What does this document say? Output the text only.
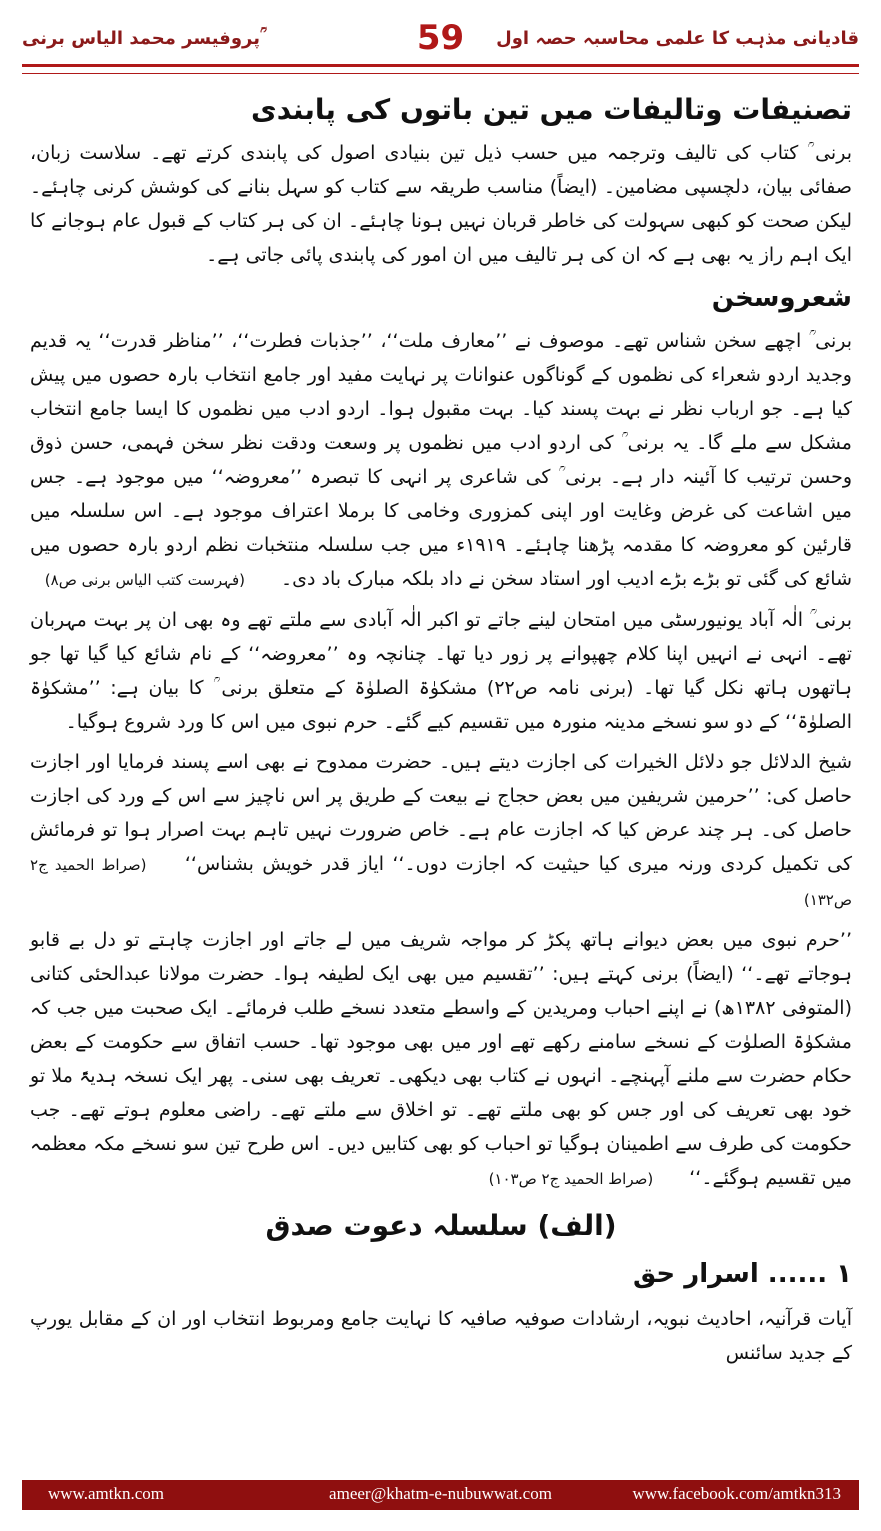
پروفیسر محمد الیاس برنی ؒ	59	قادیانی مذہب کا علمی محاسبہ حصہ اول
تصنیفات وتالیفات میں تین باتوں کی پابندی

برنی ؒ کتاب کی تالیف وترجمہ میں حسب ذیل تین بنیادی اصول کی پابندی کرتے تھے۔ سلاست زبان، صفائی بیان، دلچسپی مضامین۔ (ایضاً) مناسب طریقہ سے کتاب کو سہل بنانے کی کوشش کرنی چاہئے۔ لیکن صحت کو کبھی سہولت کی خاطر قربان نہیں ہونا چاہئے۔ ان کی ہر کتاب کے قبول عام ہوجانے کا ایک اہم راز یہ بھی ہے کہ ان کی ہر تالیف میں ان امور کی پابندی پائی جاتی ہے۔

شعروسخن

برنی ؒ اچھے سخن شناس تھے۔ موصوف نے ’’معارف ملت‘‘، ’’جذبات فطرت‘‘، ’’مناظر قدرت‘‘ یہ قدیم وجدید اردو شعراء کی نظموں کے گوناگوں عنوانات پر نہایت مفید اور جامع انتخاب بارہ حصوں میں پیش کیا ہے۔ جو ارباب نظر نے بہت پسند کیا۔ بہت مقبول ہوا۔ اردو ادب میں نظموں کا ایسا جامع انتخاب مشکل سے ملے گا۔ یہ برنی ؒ کی اردو ادب میں نظموں پر وسعت ودقت نظر سخن فہمی، حسن ذوق وحسن ترتیب کا آئینہ دار ہے۔ برنی ؒ کی شاعری پر انہی کا تبصرہ ’’معروضہ‘‘ میں موجود ہے۔ جس میں اشاعت کی غرض وغایت اور اپنی کمزوری وخامی کا برملا اعتراف موجود ہے۔ اس سلسلہ میں قارئین کو معروضہ کا مقدمہ پڑھنا چاہئے۔ ۱۹۱۹ء میں جب سلسلہ منتخبات نظم اردو بارہ حصوں میں شائع کی گئی تو بڑے بڑے ادیب اور استاد سخن نے داد بلکہ مبارک باد دی۔ (فہرست کتب الیاس برنی ص۸)

برنی ؒ الٰہ آباد یونیورسٹی میں امتحان لینے جاتے تو اکبر الٰہ آبادی سے ملتے تھے وہ بھی ان پر بہت مہربان تھے۔ انہی نے انہیں اپنا کلام چھپوانے پر زور دیا تھا۔ چنانچہ وہ ’’معروضہ‘‘ کے نام شائع کیا گیا تھا جو ہاتھوں ہاتھ نکل گیا تھا۔ (برنی نامہ ص۲۲) مشکوٰۃ الصلوٰۃ کے متعلق برنی ؒ کا بیان ہے: ’’مشکوٰۃ الصلوٰۃ‘‘ کے دو سو نسخے مدینہ منورہ میں تقسیم کیے گئے۔ حرم نبوی میں اس کا ورد شروع ہوگیا۔

شیخ الدلائل جو دلائل الخیرات کی اجازت دیتے ہیں۔ حضرت ممدوح نے بھی اسے پسند فرمایا اور اجازت حاصل کی: ’’حرمین شریفین میں بعض حجاج نے بیعت کے طریق پر اس ناچیز سے اس کے ورد کی اجازت حاصل کی۔ ہر چند عرض کیا کہ اجازت عام ہے۔ خاص ضرورت نہیں تاہم بہت اصرار ہوا تو فرمائش کی تکمیل کردی ورنہ میری کیا حیثیت کہ اجازت دوں۔‘‘ ایاز قدر خویش بشناس‘‘ (صراط الحمید ج۲ ص۱۳۲)

’’حرم نبوی میں بعض دیوانے ہاتھ پکڑ کر مواجہ شریف میں لے جاتے اور اجازت چاہتے تو دل بے قابو ہوجاتے تھے۔‘‘ (ایضاً) برنی کہتے ہیں: ’’تقسیم میں بھی ایک لطیفہ ہوا۔ حضرت مولانا عبدالحئی کتانی (المتوفی ۱۳۸۲ھ) نے اپنے احباب ومریدین کے واسطے متعدد نسخے طلب فرمائے۔ ایک صحبت میں جب کہ مشکوٰۃ الصلوٰت کے نسخے سامنے رکھے تھے اور میں بھی موجود تھا۔ حسب اتفاق سے حکومت کے بعض حکام حضرت سے ملنے آپہنچے۔ انہوں نے کتاب بھی دیکھی۔ تعریف بھی سنی۔ پھر ایک نسخہ ہدیۃً ملا تو خود بھی تعریف کی اور جس کو بھی ملتے تھے۔ تو اخلاق سے ملتے تھے۔ راضی معلوم ہوتے تھے۔ جب حکومت کی طرف سے اطمینان ہوگیا تو احباب کو بھی کتابیں دیں۔ اس طرح تین سو نسخے مکہ معظمہ میں تقسیم ہوگئے۔‘‘ (صراط الحمید ج۲ ص۱۰۳)

(الف) سلسلہ دعوت صدق
۱ ...... اسرار حق

آیات قرآنیہ، احادیث نبویہ، ارشادات صوفیہ صافیہ کا نہایت جامع ومربوط انتخاب اور ان کے مقابل یورپ کے جدید سائنس

www.amtkn.com	ameer@khatm-e-nubuwwat.com	www.facebook.com/amtkn313
